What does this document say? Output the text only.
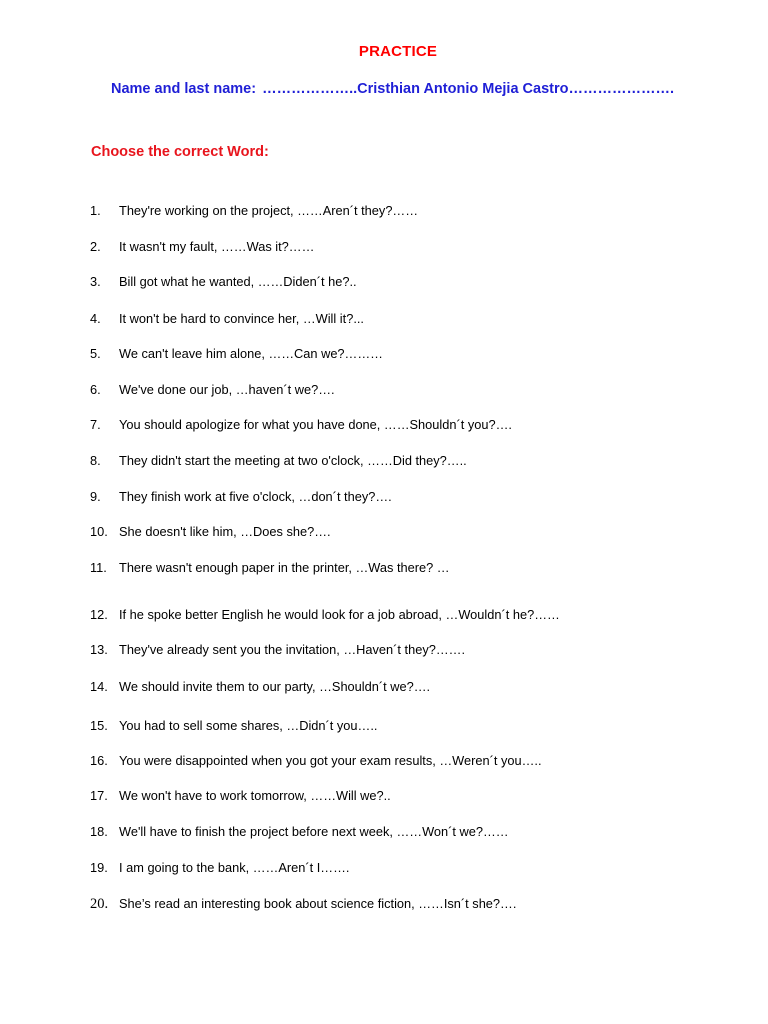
PRACTICE
Name and last name: ………………..Cristhian Antonio Mejia Castro………………….
Choose the correct Word:
1.	They're working on the project, ……Aren´t they?……
2.	It wasn't my fault, ……Was it?……
3.	Bill got what he wanted, ……Diden´t he?..
4.	It won't be hard to convince her, …Will it?...
5.	We can't leave him alone, ……Can we?………
6.	We've done our job, …haven´t we?….
7.	You should apologize for what you have done, ……Shouldn´t you?….
8.	They didn't start the meeting at two o'clock, ……Did they?…..
9.	They finish work at five o'clock, …don´t they?….
10. She doesn't like him, …Does she?….
11. There wasn't enough paper in the printer, …Was there? …
12. If he spoke better English he would look for a job abroad, …Wouldn´t he?……
13. They've already sent you the invitation, …Haven´t they?…….
14. We should invite them to our party, …Shouldn´t we?….
15. You had to sell some shares, …Didn´t you…..
16. You were disappointed when you got your exam results, …Weren´t you…..
17. We won't have to work tomorrow, ……Will we?..
18. We'll have to finish the project before next week, ……Won´t we?……
19. I am going to the bank, ……Aren´t I…….
20. She’s read an interesting book about science fiction, ……Isn´t she?….
